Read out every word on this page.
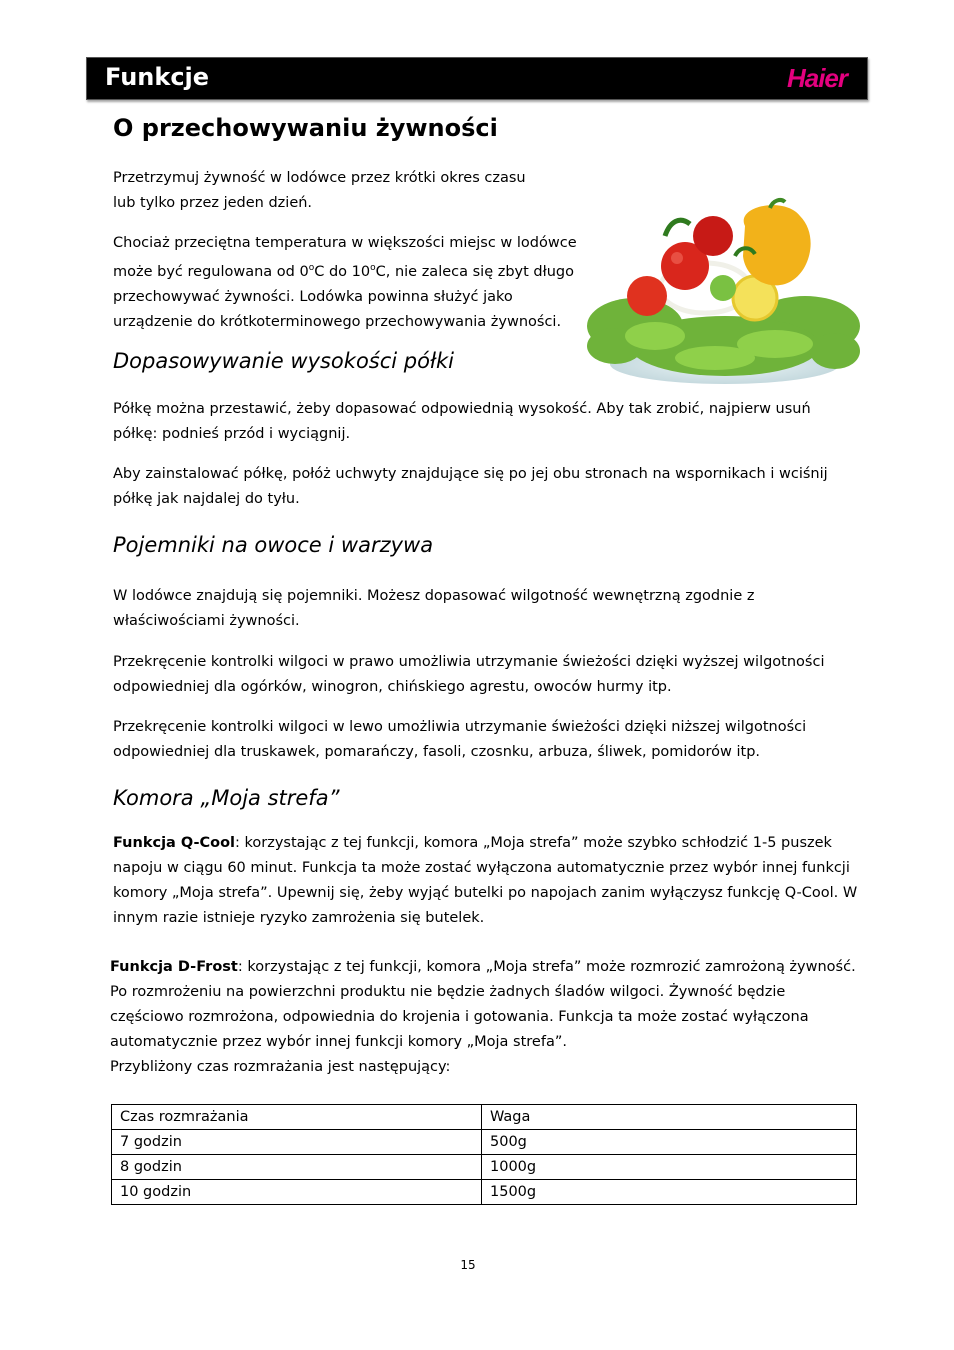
Funkcje	Haier
O przechowywaniu żywności

Przetrzymuj żywność w lodówce przez krótki okres czasu
lub tylko przez jeden dzień.

Chociaż przeciętna temperatura w większości miejsc w lodówce
może być regulowana od 0$^o$C do 10$^o$C, nie zaleca się zbyt długo
przechowywać żywności. Lodówka powinna służyć jako
urządzenie do krótkoterminowego przechowywania żywności.

Dopasowywanie wysokości półki

Półkę można przestawić, żeby dopasować odpowiednią wysokość. Aby tak zrobić, najpierw usuń półkę: podnieś przód i wyciągnij.

Aby zainstalować półkę, połóż uchwyty znajdujące się po jej obu stronach na wspornikach i wciśnij półkę jak najdalej do tyłu.

Pojemniki na owoce i warzywa

W lodówce znajdują się pojemniki. Możesz dopasować wilgotność wewnętrzną zgodnie z właściwościami żywności.

Przekręcenie kontrolki wilgoci w prawo umożliwia utrzymanie świeżości dzięki wyższej wilgotności odpowiedniej dla ogórków, winogron, chińskiego agrestu, owoców hurmy itp.

Przekręcenie kontrolki wilgoci w lewo umożliwia utrzymanie świeżości dzięki niższej wilgotności odpowiedniej dla truskawek, pomarańczy, fasoli, czosnku, arbuza, śliwek, pomidorów itp.

Komora „Moja strefa”

Funkcja Q-Cool: korzystając z tej funkcji, komora „Moja strefa” może szybko schłodzić 1-5 puszek napoju w ciągu 60 minut. Funkcja ta może zostać wyłączona automatycznie przez wybór innej funkcji komory „Moja strefa”. Upewnij się, żeby wyjąć butelki po napojach zanim wyłączysz funkcję Q-Cool. W innym razie istnieje ryzyko zamrożenia się butelek.

Funkcja D-Frost: korzystając z tej funkcji, komora „Moja strefa” może rozmrozić zamrożoną żywność. Po rozmrożeniu na powierzchni produktu nie będzie żadnych śladów wilgoci. Żywność będzie częściowo rozmrożona, odpowiednia do krojenia i gotowania. Funkcja ta może zostać wyłączona automatycznie przez wybór innej funkcji komory „Moja strefa”.
Przybliżony czas rozmrażania jest następujący:

Czas rozmrażania	Waga
7 godzin	500g
8 godzin	1000g
10 godzin	1500g
15
